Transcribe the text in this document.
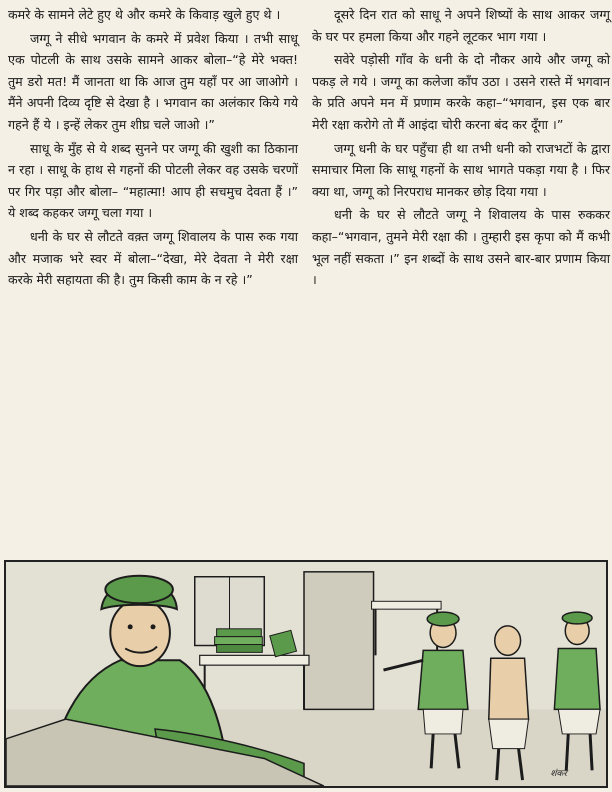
कमरे के सामने लेटे हुए थे और कमरे के किवाड़ खुले हुए थे ।

जग्गू ने सीधे भगवान के कमरे में प्रवेश किया । तभी साधू एक पोटली के साथ उसके सामने आकर बोला–“हे मेरे भक्त! तुम डरो मत! मैं जानता था कि आज तुम यहाँ पर आ जाओगे । मैंने अपनी दिव्य दृष्टि से देखा है । भगवान का अलंकार किये गये गहने हैं ये । इन्हें लेकर तुम शीघ्र चले जाओ ।”

साधू के मुँह से ये शब्द सुनने पर जग्गू की खुशी का ठिकाना न रहा । साधू के हाथ से गहनों की पोटली लेकर वह उसके चरणों पर गिर पड़ा और बोला– “महात्मा! आप ही सचमुच देवता हैं ।” ये शब्द कहकर जग्गू चला गया ।

धनी के घर से लौटते वक़्त जग्गू शिवालय के पास रुक गया और मजाक भरे स्वर में बोला–“देखा, मेरे देवता ने मेरी रक्षा करके मेरी सहायता की है। तुम किसी काम के न रहे ।”

दूसरे दिन रात को साधू ने अपने शिष्यों के साथ आकर जग्गू के घर पर हमला किया और गहने लूटकर भाग गया ।

सवेरे पड़ोसी गाँव के धनी के दो नौकर आये और जग्गू को पकड़ ले गये । जग्गू का कलेजा काँप उठा । उसने रास्ते में भगवान के प्रति अपने मन में प्रणाम करके कहा–“भगवान, इस एक बार मेरी रक्षा करोगे तो मैं आइंदा चोरी करना बंद कर दूँगा ।”

जग्गू धनी के घर पहुँचा ही था तभी धनी को राजभटों के द्वारा समाचार मिला कि साधू गहनों के साथ भागते पकड़ा गया है । फिर क्या था, जग्गू को निरपराध मानकर छोड़ दिया गया ।

धनी के घर से लौटते जग्गू ने शिवालय के पास रुककर कहा–“भगवान, तुमने मेरी रक्षा की । तुम्हारी इस कृपा को मैं कभी भूल नहीं सकता ।” इन शब्दों के साथ उसने बार-बार प्रणाम किया ।

शंकर
